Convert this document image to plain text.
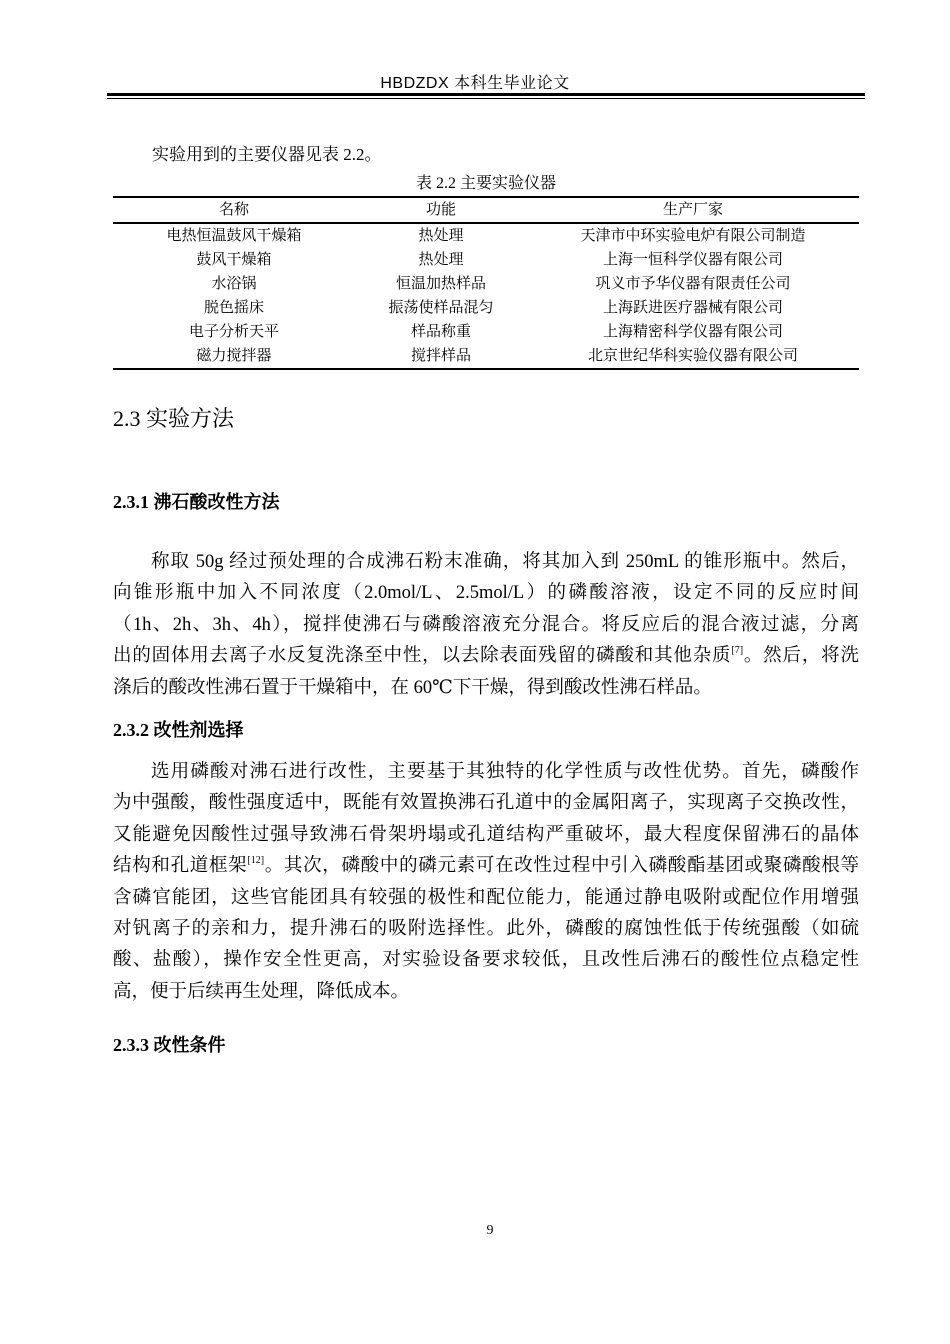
HBDZDX 本科生毕业论文
实验用到的主要仪器见表 2.2。
表 2.2 主要实验仪器
名称	功能	生产厂家
电热恒温鼓风干燥箱	热处理	天津市中环实验电炉有限公司制造
鼓风干燥箱	热处理	上海一恒科学仪器有限公司
水浴锅	恒温加热样品	巩义市予华仪器有限责任公司
脱色摇床	振荡使样品混匀	上海跃进医疗器械有限公司
电子分析天平	样品称重	上海精密科学仪器有限公司
磁力搅拌器	搅拌样品	北京世纪华科实验仪器有限公司
2.3 实验方法
2.3.1 沸石酸改性方法
称取 50g 经过预处理的合成沸石粉末准确，将其加入到 250mL 的锥形瓶中。然后，
向锥形瓶中加入不同浓度（2.0mol/L、2.5mol/L）的磷酸溶液，设定不同的反应时间
（1h、2h、3h、4h），搅拌使沸石与磷酸溶液充分混合。将反应后的混合液过滤，分离
出的固体用去离子水反复洗涤至中性，以去除表面残留的磷酸和其他杂质[7]。然后，将洗
涤后的酸改性沸石置于干燥箱中，在 60℃下干燥，得到酸改性沸石样品。
2.3.2 改性剂选择
选用磷酸对沸石进行改性，主要基于其独特的化学性质与改性优势。首先，磷酸作
为中强酸，酸性强度适中，既能有效置换沸石孔道中的金属阳离子，实现离子交换改性，
又能避免因酸性过强导致沸石骨架坍塌或孔道结构严重破坏，最大程度保留沸石的晶体
结构和孔道框架[12]。其次，磷酸中的磷元素可在改性过程中引入磷酸酯基团或聚磷酸根等
含磷官能团，这些官能团具有较强的极性和配位能力，能通过静电吸附或配位作用增强
对钒离子的亲和力，提升沸石的吸附选择性。此外，磷酸的腐蚀性低于传统强酸（如硫
酸、盐酸），操作安全性更高，对实验设备要求较低，且改性后沸石的酸性位点稳定性
高，便于后续再生处理，降低成本。
2.3.3 改性条件
9
